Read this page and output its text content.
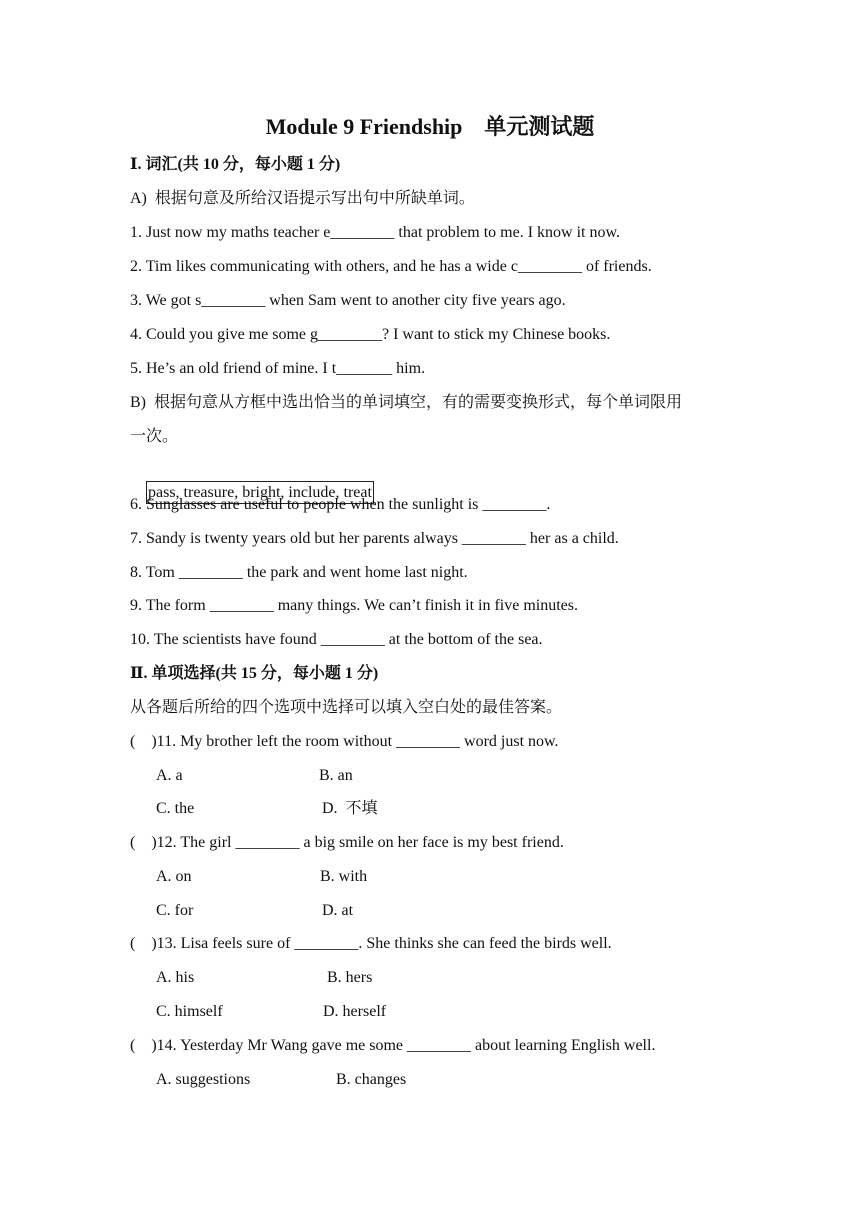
Module 9 Friendship　单元测试题
Ⅰ. 词汇(共 10 分，每小题 1 分)
A)  根据句意及所给汉语提示写出句中所缺单词。
1. Just now my maths teacher e________ that problem to me. I know it now.
2. Tim likes communicating with others, and he has a wide c________ of friends.
3. We got s________ when Sam went to another city five years ago.
4. Could you give me some g________? I want to stick my Chinese books.
5. He’s an old friend of mine. I t_______ him.
B)  根据句意从方框中选出恰当的单词填空，有的需要变换形式，每个单词限用
一次。

pass, treasure, bright, include, treat

6. Sunglasses are useful to people when the sunlight is ________.
7. Sandy is twenty years old but her parents always ________ her as a child.
8. Tom ________ the park and went home last night.
9. The form ________ many things. We can’t finish it in five minutes.
10. The scientists have found ________ at the bottom of the sea.
Ⅱ. 单项选择(共 15 分，每小题 1 分)
从各题后所给的四个选项中选择可以填入空白处的最佳答案。
(    )11. My brother left the room without ________ word just now.
A. a	B. an
C. the	D.  不填
(    )12. The girl ________ a big smile on her face is my best friend.
A. on	B. with
C. for	D. at
(    )13. Lisa feels sure of ________. She thinks she can feed the birds well.
A. his	B. hers
C. himself	D. herself
(    )14. Yesterday Mr Wang gave me some ________ about learning English well.
A. suggestions	B. changes
